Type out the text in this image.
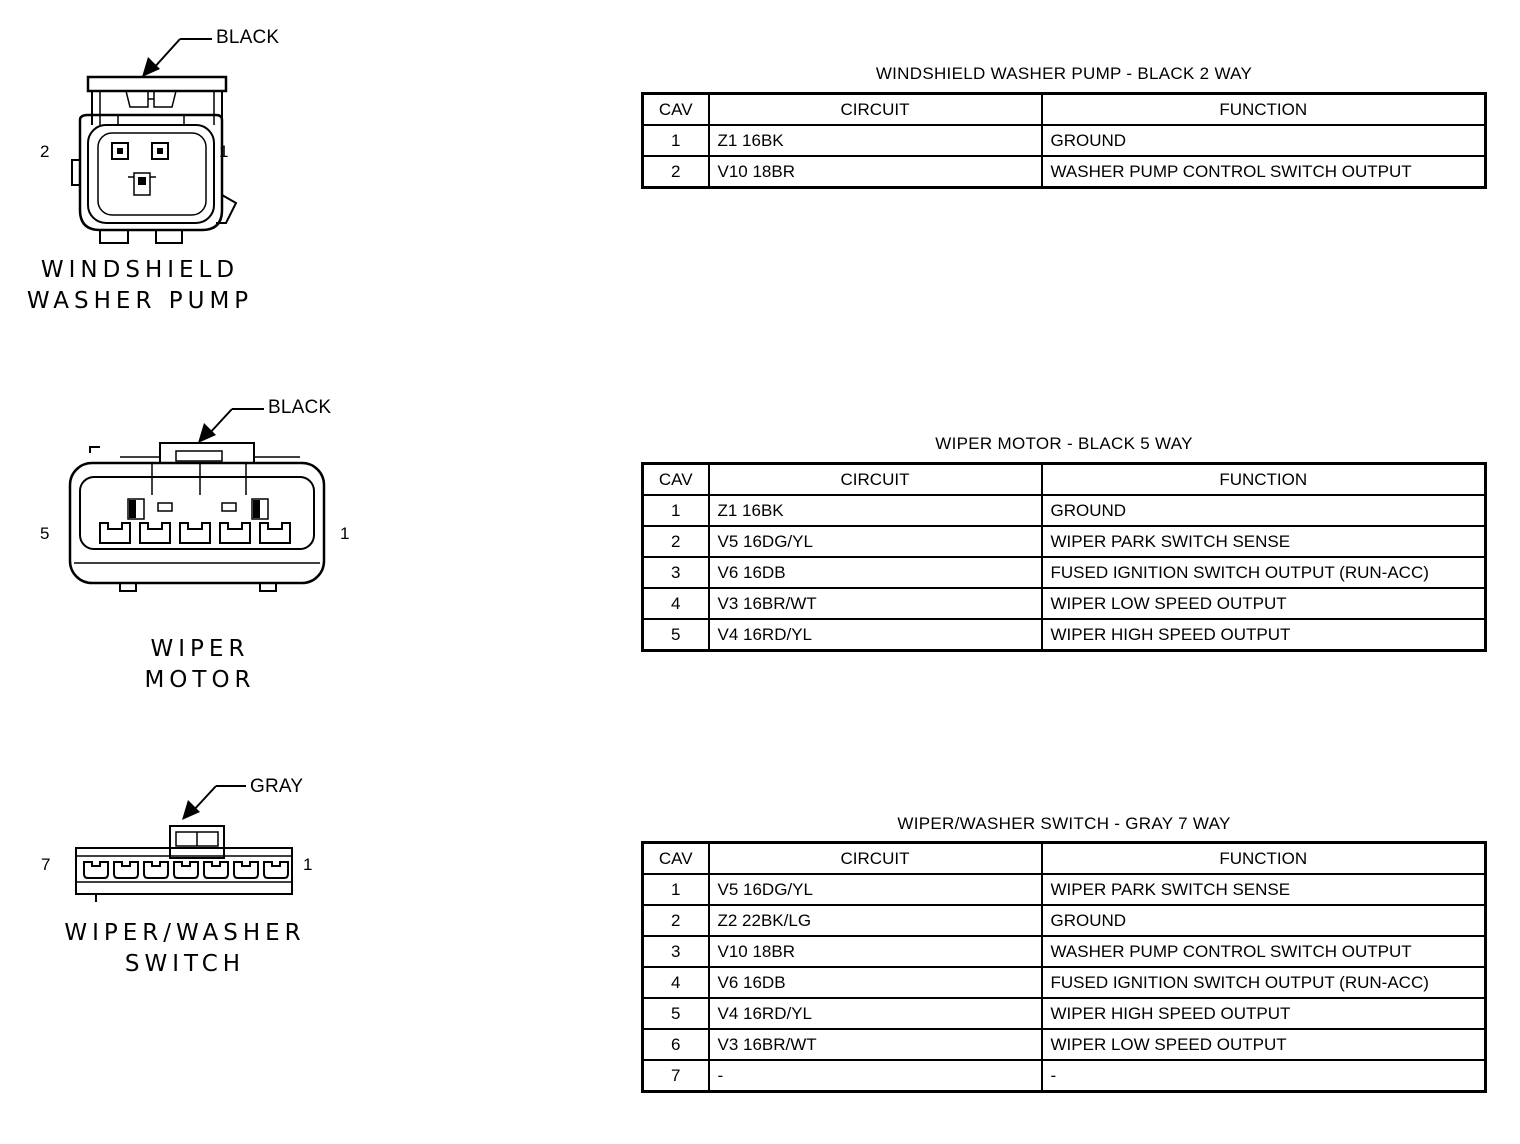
BLACK
2	1
WINDSHIELD
WASHER PUMP
BLACK
5	1
WIPER
MOTOR
GRAY
7	1
WIPER/WASHER
SWITCH
WINDSHIELD WASHER PUMP - BLACK 2 WAY
CAV	CIRCUIT	FUNCTION
1	Z1 16BK	GROUND
2	V10 18BR	WASHER PUMP CONTROL SWITCH OUTPUT
WIPER MOTOR - BLACK 5 WAY
CAV	CIRCUIT	FUNCTION
1	Z1 16BK	GROUND
2	V5 16DG/YL	WIPER PARK SWITCH SENSE
3	V6 16DB	FUSED IGNITION SWITCH OUTPUT (RUN-ACC)
4	V3 16BR/WT	WIPER LOW SPEED OUTPUT
5	V4 16RD/YL	WIPER HIGH SPEED OUTPUT
WIPER/WASHER SWITCH - GRAY 7 WAY
CAV	CIRCUIT	FUNCTION
1	V5 16DG/YL	WIPER PARK SWITCH SENSE
2	Z2 22BK/LG	GROUND
3	V10 18BR	WASHER PUMP CONTROL SWITCH OUTPUT
4	V6 16DB	FUSED IGNITION SWITCH OUTPUT (RUN-ACC)
5	V4 16RD/YL	WIPER HIGH SPEED OUTPUT
6	V3 16BR/WT	WIPER LOW SPEED OUTPUT
7	-	-
